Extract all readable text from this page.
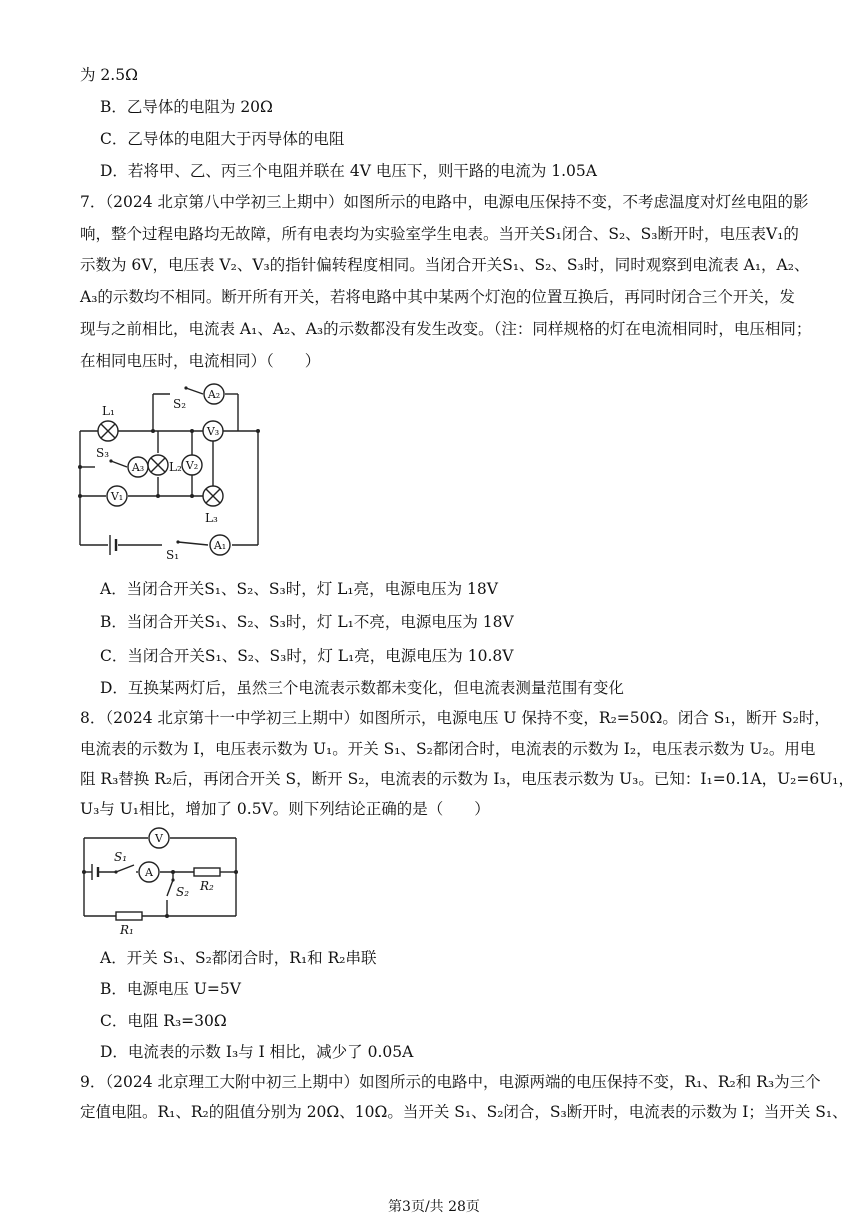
为 2.5Ω
B．乙导体的电阻为 20Ω
C．乙导体的电阻大于丙导体的电阻
D．若将甲、乙、丙三个电阻并联在 4V 电压下，则干路的电流为 1.05A
7．（2024 北京第八中学初三上期中）如图所示的电路中，电源电压保持不变，不考虑温度对灯丝电阻的影
响，整个过程电路均无故障，所有电表均为实验室学生电表。当开关S₁闭合、S₂、S₃断开时，电压表V₁的
示数为 6V，电压表 V₂、V₃的指针偏转程度相同。当闭合开关S₁、S₂、S₃时，同时观察到电流表 A₁，A₂、
A₃的示数均不相同。断开所有开关，若将电路中其中某两个灯泡的位置互换后，再同时闭合三个开关，发
现与之前相比，电流表 A₁、A₂、A₃的示数都没有发生改变。（注：同样规格的灯在电流相同时，电压相同；
在相同电压时，电流相同）（　　）
A₂
A₃
A₁
V₁
V₂
V₃
L₁
L₂
L₃
S₁
S₂
S₃
A．当闭合开关S₁、S₂、S₃时，灯 L₁亮，电源电压为 18V
B．当闭合开关S₁、S₂、S₃时，灯 L₁不亮，电源电压为 18V
C．当闭合开关S₁、S₂、S₃时，灯 L₁亮，电源电压为 10.8V
D．互换某两灯后，虽然三个电流表示数都未变化，但电流表测量范围有变化
8．（2024 北京第十一中学初三上期中）如图所示，电源电压 U 保持不变，R₂=50Ω。闭合 S₁，断开 S₂时，
电流表的示数为 I，电压表示数为 U₁。开关 S₁、S₂都闭合时，电流表的示数为 I₂，电压表示数为 U₂。用电
阻 R₃替换 R₂后，再闭合开关 S，断开 S₂，电流表的示数为 I₃，电压表示数为 U₃。已知：I₁=0.1A，U₂=6U₁，
U₃与 U₁相比，增加了 0.5V。则下列结论正确的是（　　）
V
A
S₁
S₂ R₂
R₁
A．开关 S₁、S₂都闭合时，R₁和 R₂串联
B．电源电压 U=5V
C．电阻 R₃=30Ω
D．电流表的示数 I₃与 I 相比，减少了 0.05A
9．（2024 北京理工大附中初三上期中）如图所示的电路中，电源两端的电压保持不变，R₁、R₂和 R₃为三个
定值电阻。R₁、R₂的阻值分别为 20Ω、10Ω。当开关 S₁、S₂闭合，S₃断开时，电流表的示数为 I；当开关 S₁、
第3页/共 28页
